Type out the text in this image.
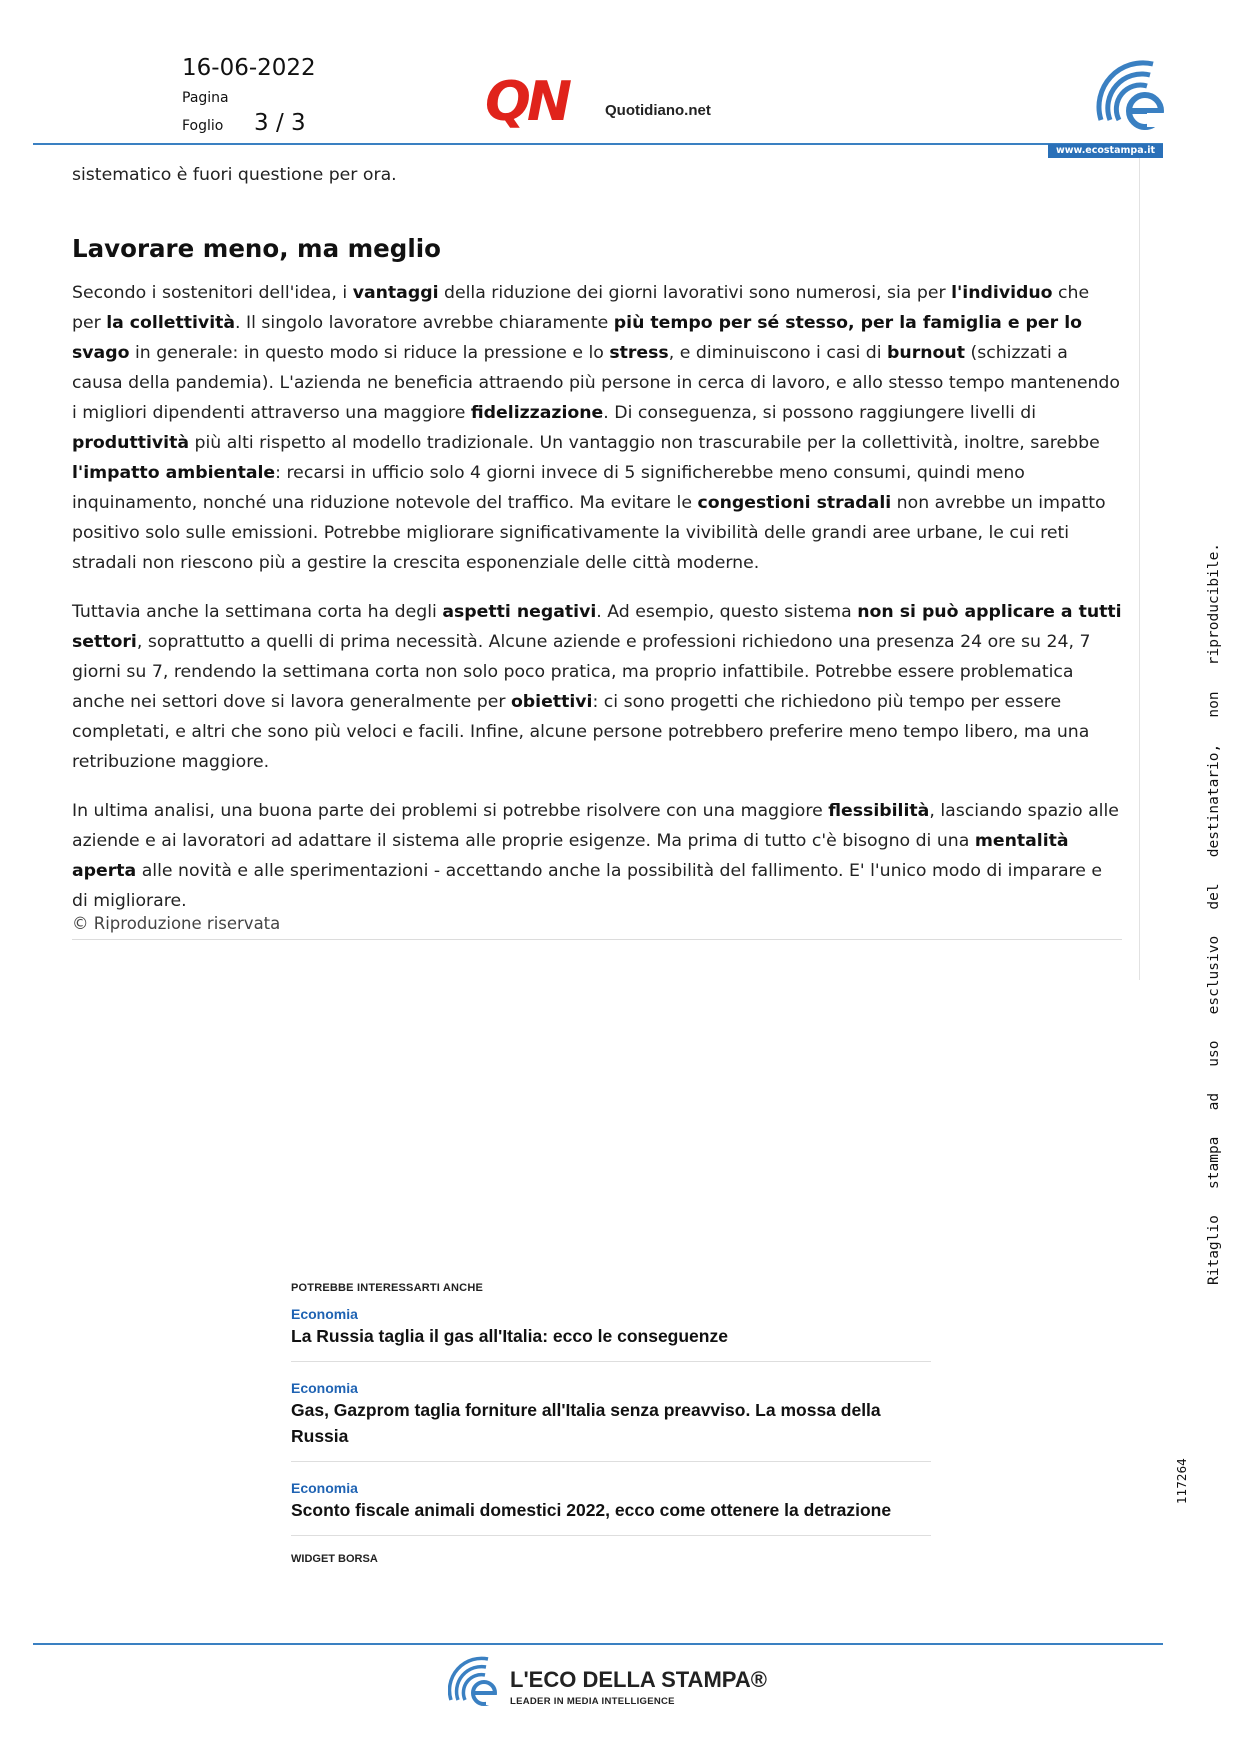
16-06-2022
Pagina
Foglio 3 / 3	QN Quotidiano.net
www.ecostampa.it

sistematico è fuori questione per ora.

Lavorare meno, ma meglio

Secondo i sostenitori dell'idea, i vantaggi della riduzione dei giorni lavorativi sono numerosi, sia per l'individuo che per la collettività. Il singolo lavoratore avrebbe chiaramente più tempo per sé stesso, per la famiglia e per lo svago in generale: in questo modo si riduce la pressione e lo stress, e diminuiscono i casi di burnout (schizzati a causa della pandemia). L'azienda ne beneficia attraendo più persone in cerca di lavoro, e allo stesso tempo mantenendo i migliori dipendenti attraverso una maggiore fidelizzazione. Di conseguenza, si possono raggiungere livelli di produttività più alti rispetto al modello tradizionale. Un vantaggio non trascurabile per la collettività, inoltre, sarebbe l'impatto ambientale: recarsi in ufficio solo 4 giorni invece di 5 significherebbe meno consumi, quindi meno inquinamento, nonché una riduzione notevole del traffico. Ma evitare le congestioni stradali non avrebbe un impatto positivo solo sulle emissioni. Potrebbe migliorare significativamente la vivibilità delle grandi aree urbane, le cui reti stradali non riescono più a gestire la crescita esponenziale delle città moderne.

Tuttavia anche la settimana corta ha degli aspetti negativi. Ad esempio, questo sistema non si può applicare a tutti settori, soprattutto a quelli di prima necessità. Alcune aziende e professioni richiedono una presenza 24 ore su 24, 7 giorni su 7, rendendo la settimana corta non solo poco pratica, ma proprio infattibile. Potrebbe essere problematica anche nei settori dove si lavora generalmente per obiettivi: ci sono progetti che richiedono più tempo per essere completati, e altri che sono più veloci e facili. Infine, alcune persone potrebbero preferire meno tempo libero, ma una retribuzione maggiore.

In ultima analisi, una buona parte dei problemi si potrebbe risolvere con una maggiore flessibilità, lasciando spazio alle aziende e ai lavoratori ad adattare il sistema alle proprie esigenze. Ma prima di tutto c'è bisogno di una mentalità aperta alle novità e alle sperimentazioni - accettando anche la possibilità del fallimento. E' l'unico modo di imparare e di migliorare.

© Riproduzione riservata
POTREBBE INTERESSARTI ANCHE
Economia
La Russia taglia il gas all'Italia: ecco le conseguenze
Economia
Gas, Gazprom taglia forniture all'Italia senza preavviso. La mossa della Russia
Economia
Sconto fiscale animali domestici 2022, ecco come ottenere la detrazione
WIDGET BORSA
Ritaglio   stampa   ad   uso   esclusivo   del   destinatario,   non   riproducibile.
117264
L'ECO DELLA STAMPA®
LEADER IN MEDIA INTELLIGENCE
